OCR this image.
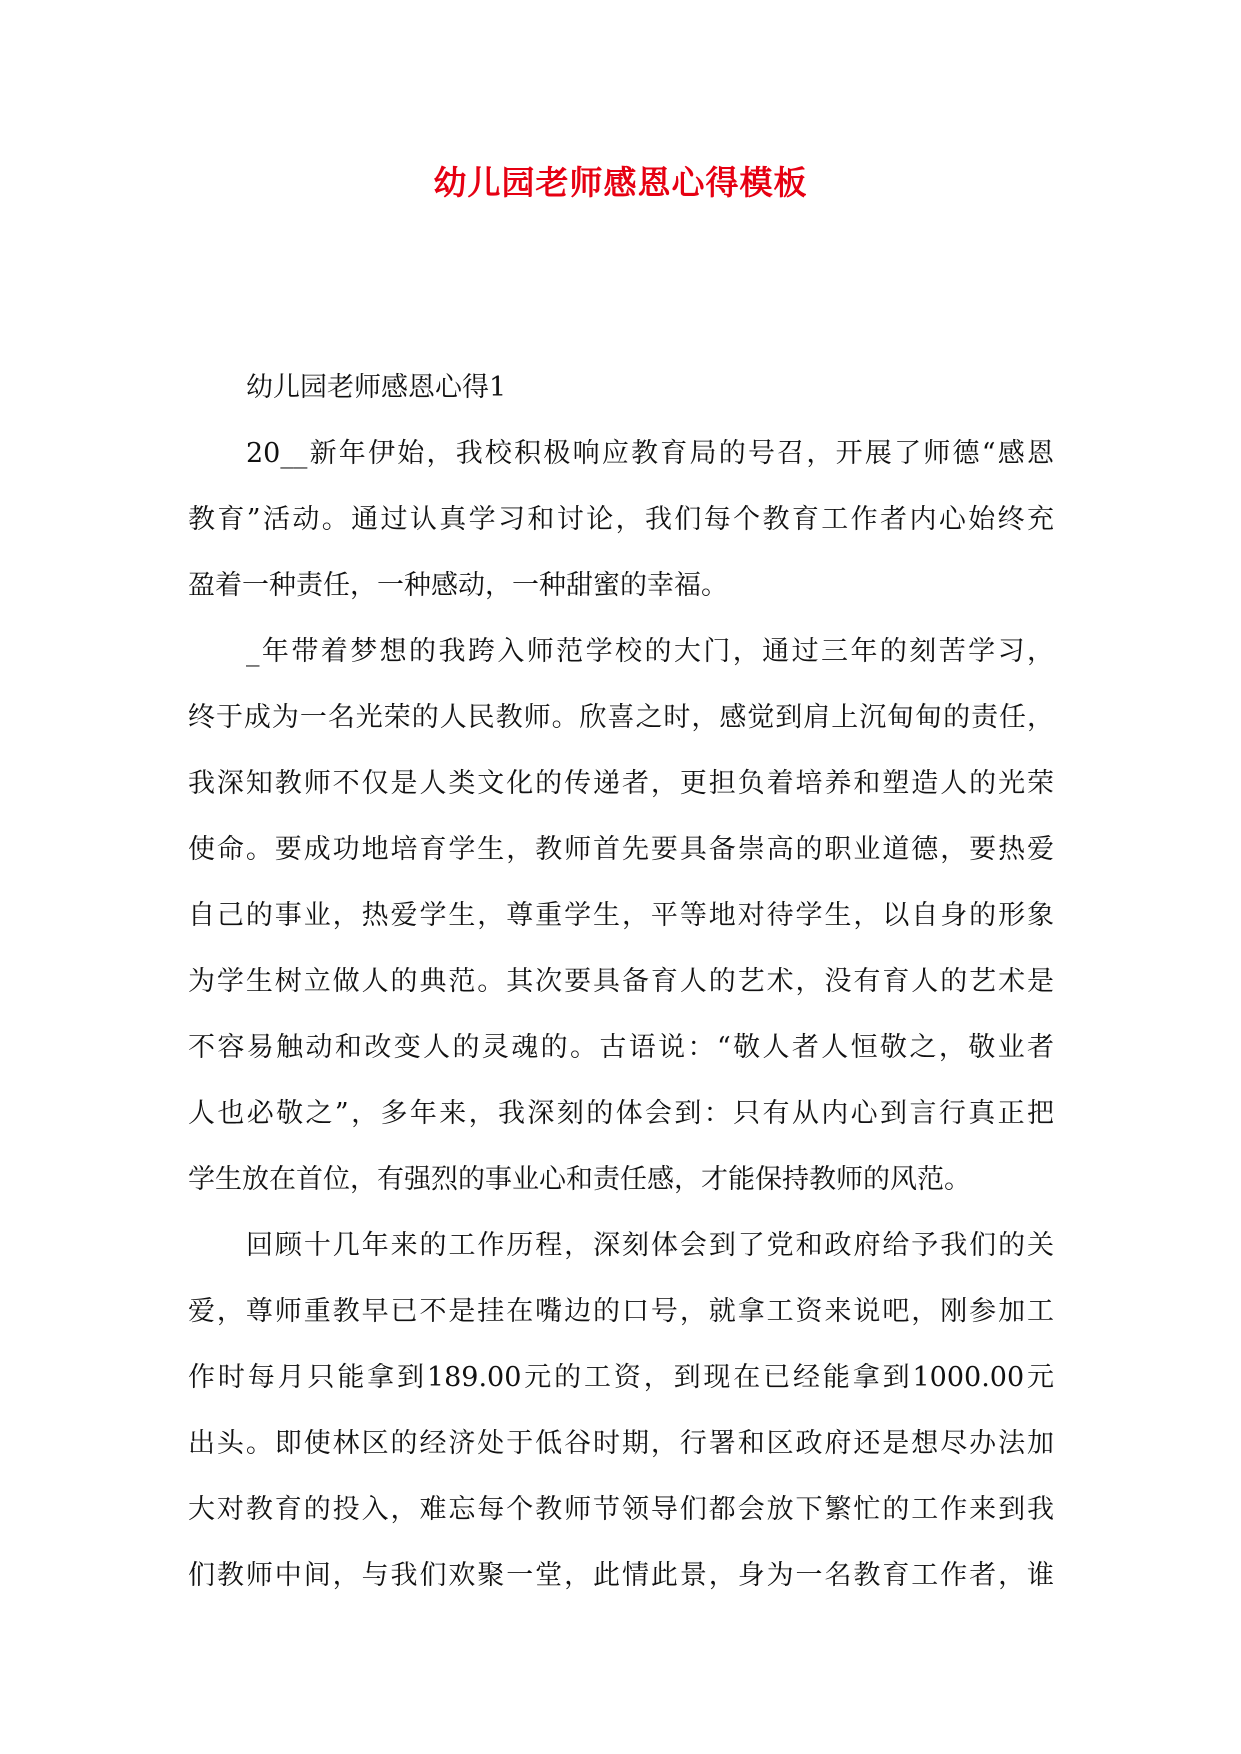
幼儿园老师感恩心得模板
幼儿园老师感恩心得1
20__新年伊始，我校积极响应教育局的号召，开展了师德“感恩
教育”活动。通过认真学习和讨论，我们每个教育工作者内心始终充
盈着一种责任，一种感动，一种甜蜜的幸福。
_年带着梦想的我跨入师范学校的大门，通过三年的刻苦学习，
终于成为一名光荣的人民教师。欣喜之时，感觉到肩上沉甸甸的责任，
我深知教师不仅是人类文化的传递者，更担负着培养和塑造人的光荣
使命。要成功地培育学生，教师首先要具备崇高的职业道德，要热爱
自己的事业，热爱学生，尊重学生，平等地对待学生，以自身的形象
为学生树立做人的典范。其次要具备育人的艺术，没有育人的艺术是
不容易触动和改变人的灵魂的。古语说：“敬人者人恒敬之，敬业者
人也必敬之”，多年来，我深刻的体会到：只有从内心到言行真正把
学生放在首位，有强烈的事业心和责任感，才能保持教师的风范。
回顾十几年来的工作历程，深刻体会到了党和政府给予我们的关
爱，尊师重教早已不是挂在嘴边的口号，就拿工资来说吧，刚参加工
作时每月只能拿到189.00元的工资，到现在已经能拿到1000.00元
出头。即使林区的经济处于低谷时期，行署和区政府还是想尽办法加
大对教育的投入，难忘每个教师节领导们都会放下繁忙的工作来到我
们教师中间，与我们欢聚一堂，此情此景，身为一名教育工作者，谁
